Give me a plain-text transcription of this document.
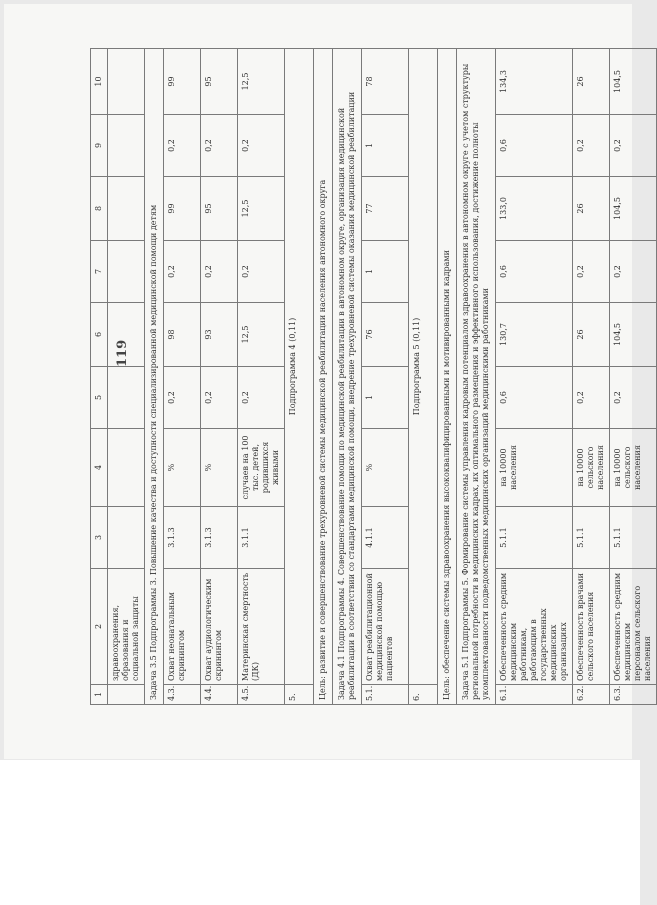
119
1	2	3	4	5	6	7	8	9	10
	здравоохранения, образования и социальной защиты								
Задача 3.5 Подпрограммы 3. Повышение качества и доступности специализированной медицинской помощи детям									
4.3.	Охват неонатальным скринингом	3.1.3	%	0,2	98	0,2	99	0,2	99
4.4.	Охват аудиологическим скринингом	3.1.3	%	0,2	93	0,2	95	0,2	95
4.5.	Материнская смертность (ДК)	3.1.1	случаев на 100 тыс. детей, родившихся живыми	0,2	12,5	0,2	12,5	0,2	12,5
5.	Подпрограмма 4 (0,11)								
Цель: развитие и совершенствование трехуровневой системы медицинской реабилитации населения автономного округа									
Задача 4.1 Подпрограммы 4. Совершенствование помощи по медицинской реабилитации в автономном округе, организация медицинской реабилитации в соответствии со стандартами медицинской помощи, внедрение трехуровневой системы оказания медицинской реабилитации									
5.1.	Охват реабилитационной медицинской помощью пациентов	4.1.1	%	1	76	1	77	1	78
6.	Подпрограмма 5 (0,11)								
Цель: обеспечение системы здравоохранения высококвалифицированными и мотивированными кадрами									
Задача 5.1 Подпрограммы 5. Формирование системы управления кадровым потенциалом здравоохранения в автономном округе с учетом структуры региональной потребности в медицинских кадрах, их оптимального размещения и эффективного использования, достижение полноты укомплектованности подведомственных медицинских организаций медицинскими работниками									
6.1.	Обеспеченность средним медицинским работникам, работающим в государственных медицинских организациях	5.1.1	на 10000 населения	0,6	130,7	0,6	133,0	0,6	134,3
6.2.	Обеспеченность врачами сельского населения	5.1.1	на 10000 сельского населения	0,2	26	0,2	26	0,2	26
6.3.	Обеспеченность средним медицинским персоналом сельского населения	5.1.1	на 10000 сельского населения	0,2	104,5	0,2	104,5	0,2	104,5
